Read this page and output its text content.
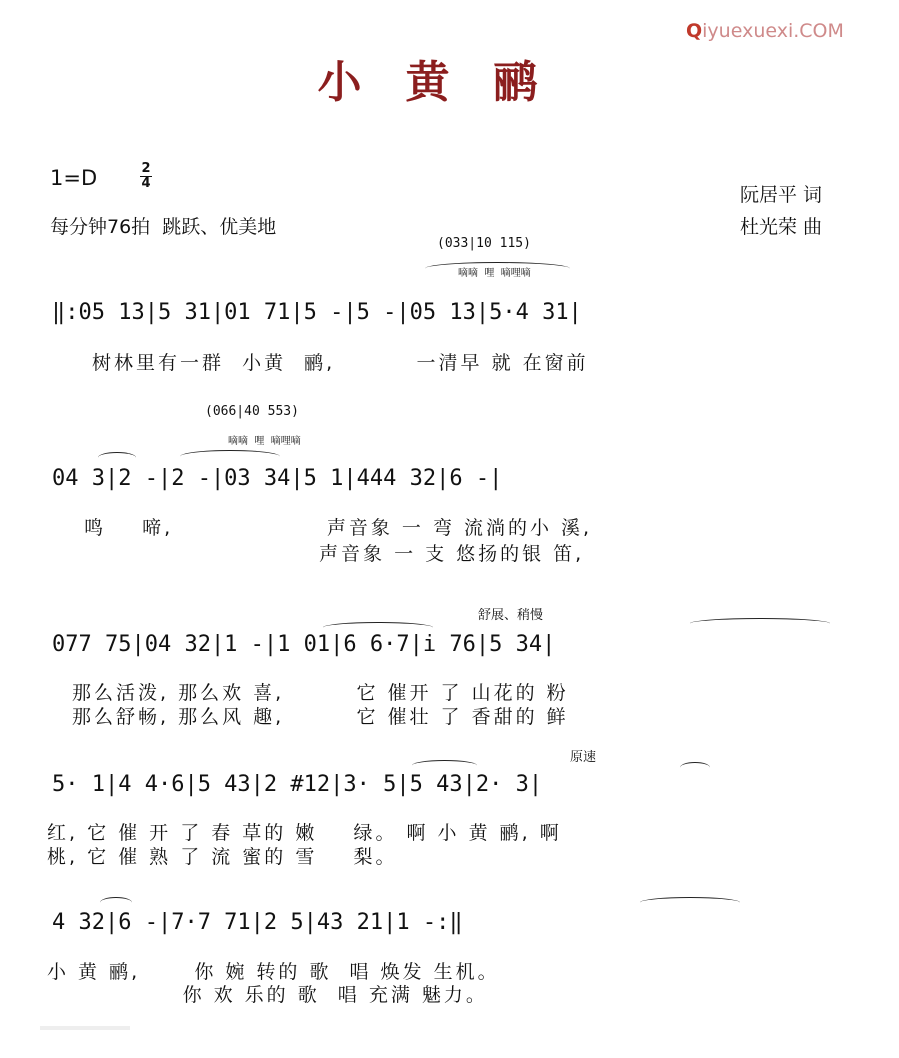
Qiyuexuexi.COM
小黄鹂
1=D	2
4
每分钟76拍  跳跃、优美地
阮居平 词
杜光荣 曲
(033|10 115)
嘀嘀  哩  嘀哩嘀
‖:05 13|5 31|01 71|5 -|5 -|05 13|5·4 31|
树林里有一群  小黄  鹂,         一清早 就 在窗前
(066|40 553)
嘀嘀  哩  嘀哩嘀
04 3|2 -|2 -|03 34|5 1|444 32|6 -|
鸣    啼,                 声音象 一 弯 流淌的小 溪,
声音象 一 支 悠扬的银 笛,
舒展、稍慢
077 75|04 32|1 -|1 01|6 6·7|i 76|5 34|
那么活泼, 那么欢 喜,        它 催开 了 山花的 粉
那么舒畅, 那么风 趣,        它 催壮 了 香甜的 鲜
原速
5· 1|4 4·6|5 43|2 #12|3· 5|5 43|2· 3|
红, 它 催 开 了 春 草的 嫩    绿。 啊 小 黄 鹂, 啊
桃, 它 催 熟 了 流 蜜的 雪    梨。
4 32|6 -|7·7 71|2 5|43 21|1 -:‖
小 黄 鹂,      你 婉 转的 歌  唱 焕发 生机。
你 欢 乐的 歌  唱 充满 魅力。
